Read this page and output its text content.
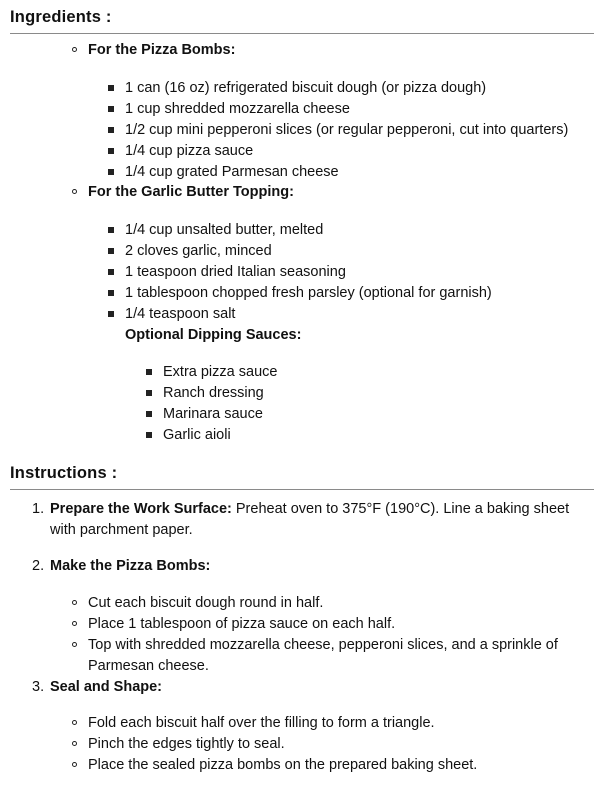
Ingredients :
For the Pizza Bombs:
1 can (16 oz) refrigerated biscuit dough (or pizza dough)
1 cup shredded mozzarella cheese
1/2 cup mini pepperoni slices (or regular pepperoni, cut into quarters)
1/4 cup pizza sauce
1/4 cup grated Parmesan cheese
For the Garlic Butter Topping:
1/4 cup unsalted butter, melted
2 cloves garlic, minced
1 teaspoon dried Italian seasoning
1 tablespoon chopped fresh parsley (optional for garnish)
1/4 teaspoon salt
Optional Dipping Sauces:
Extra pizza sauce
Ranch dressing
Marinara sauce
Garlic aioli
Instructions :
1. Prepare the Work Surface: Preheat oven to 375°F (190°C). Line a baking sheet
with parchment paper.
2. Make the Pizza Bombs:
Cut each biscuit dough round in half.
Place 1 tablespoon of pizza sauce on each half.
Top with shredded mozzarella cheese, pepperoni slices, and a sprinkle of
Parmesan cheese.
3. Seal and Shape:
Fold each biscuit half over the filling to form a triangle.
Pinch the edges tightly to seal.
Place the sealed pizza bombs on the prepared baking sheet.
